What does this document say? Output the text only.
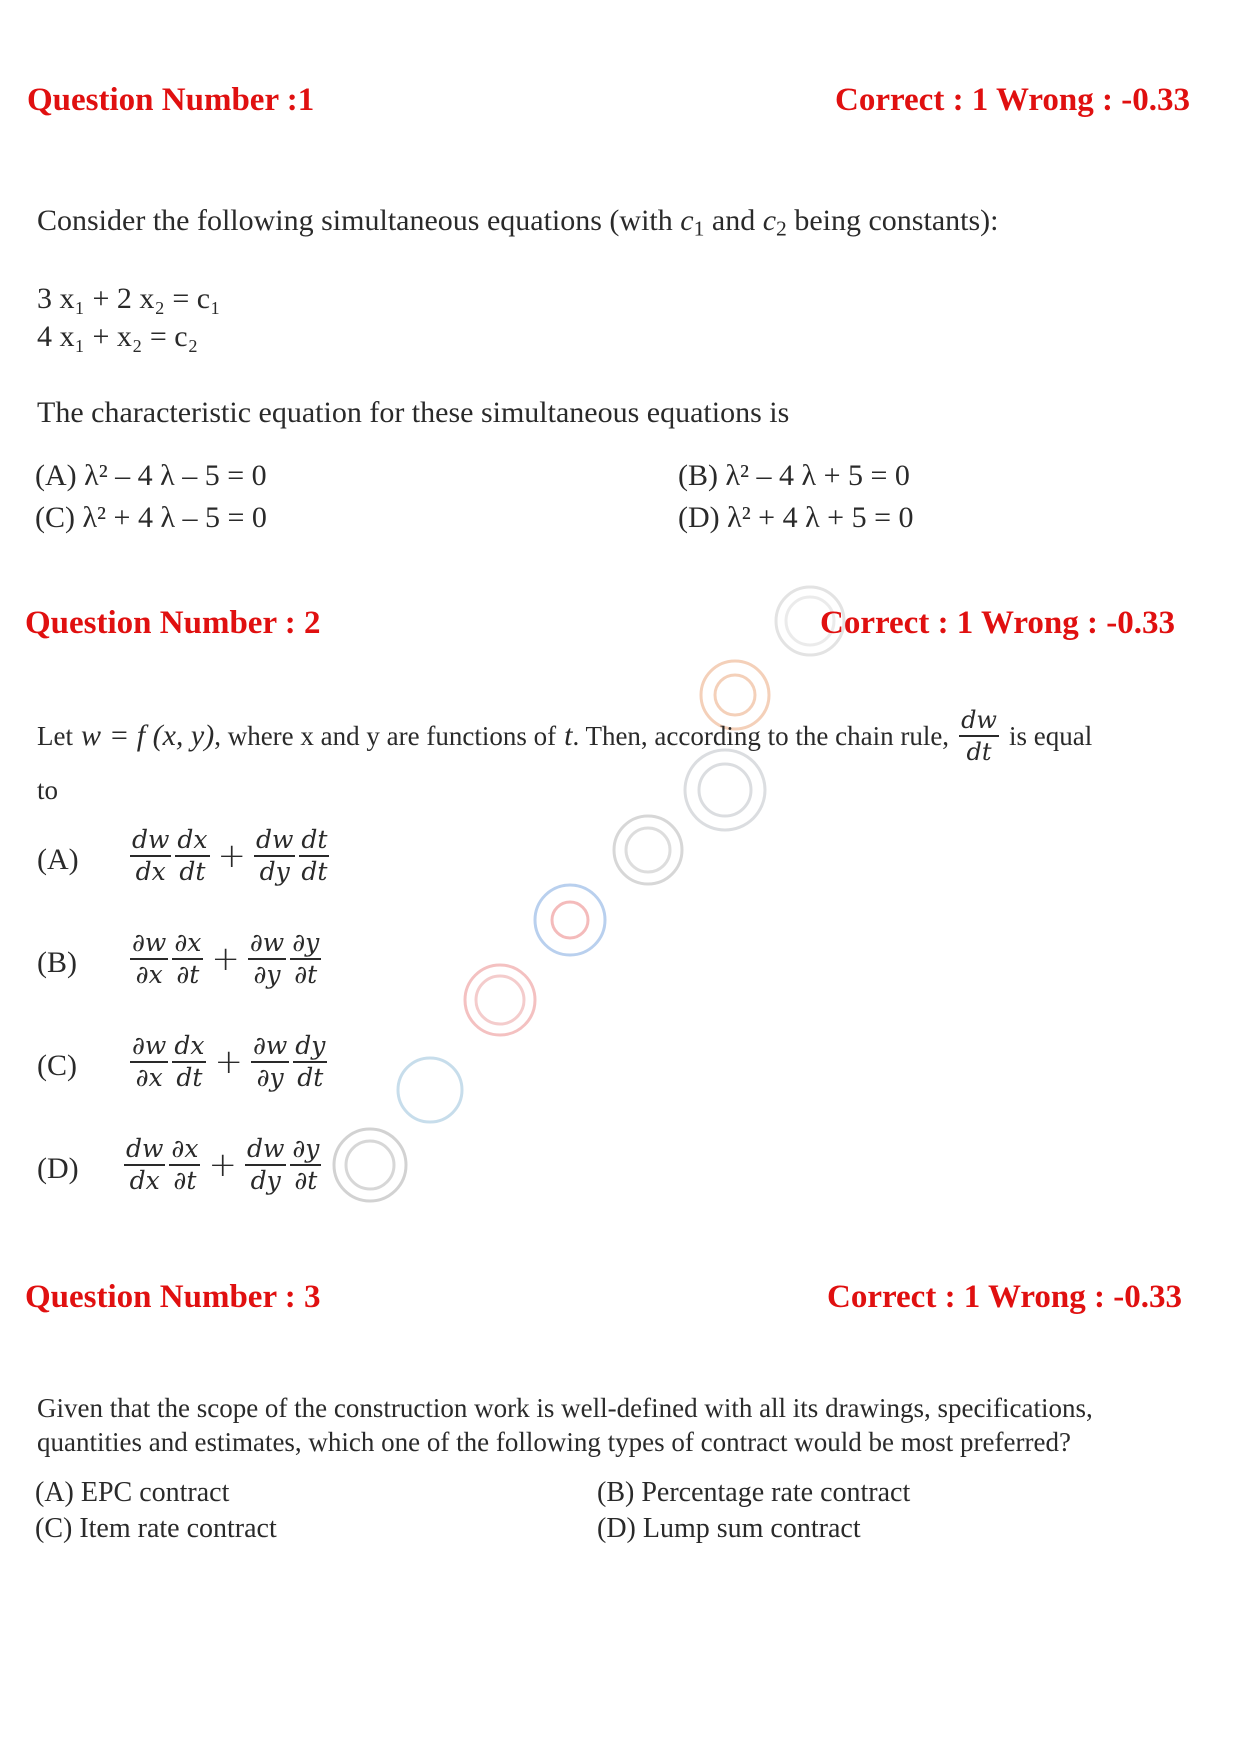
Question Number :1	Correct : 1 Wrong : -0.33
Consider the following simultaneous equations (with $c_1$ and $c_2$ being constants):
3 x₁ + 2 x₂ = c₁
4 x₁ + x₂ = c₂
The characteristic equation for these simultaneous equations is
(A) λ² – 4 λ – 5 = 0	(B) λ² – 4 λ + 5 = 0
(C) λ² + 4 λ – 5 = 0	(D) λ² + 4 λ + 5 = 0
Question Number : 2	Correct : 1 Wrong : -0.33
Let w = f (x, y) , where x and y are functions of t . Then, according to the chain rule, $\frac{dw}{dt}$ is equal
to
$(A) \frac{dw}{dx} \frac{dx}{dt} + \frac{dw}{dy} \frac{dt}{dt}$
$(B) \frac{\partial w}{\partial x} \frac{\partial x}{\partial t} + \frac{\partial w}{\partial y} \frac{\partial y}{\partial t}$
$(C) \frac{\partial w}{\partial x} \frac{dx}{dt} + \frac{\partial w}{\partial y} \frac{dy}{dt}$
$(D) \frac{dw}{dx} \frac{\partial x}{\partial t} + \frac{dw}{dy} \frac{\partial y}{\partial t}$
Question Number : 3	Correct : 1 Wrong : -0.33
Given that the scope of the construction work is well-defined with all its drawings, specifications,
quantities and estimates, which one of the following types of contract would be most preferred?
(A) EPC contract	(B) Percentage rate contract
(C) Item rate contract	(D) Lump sum contract
